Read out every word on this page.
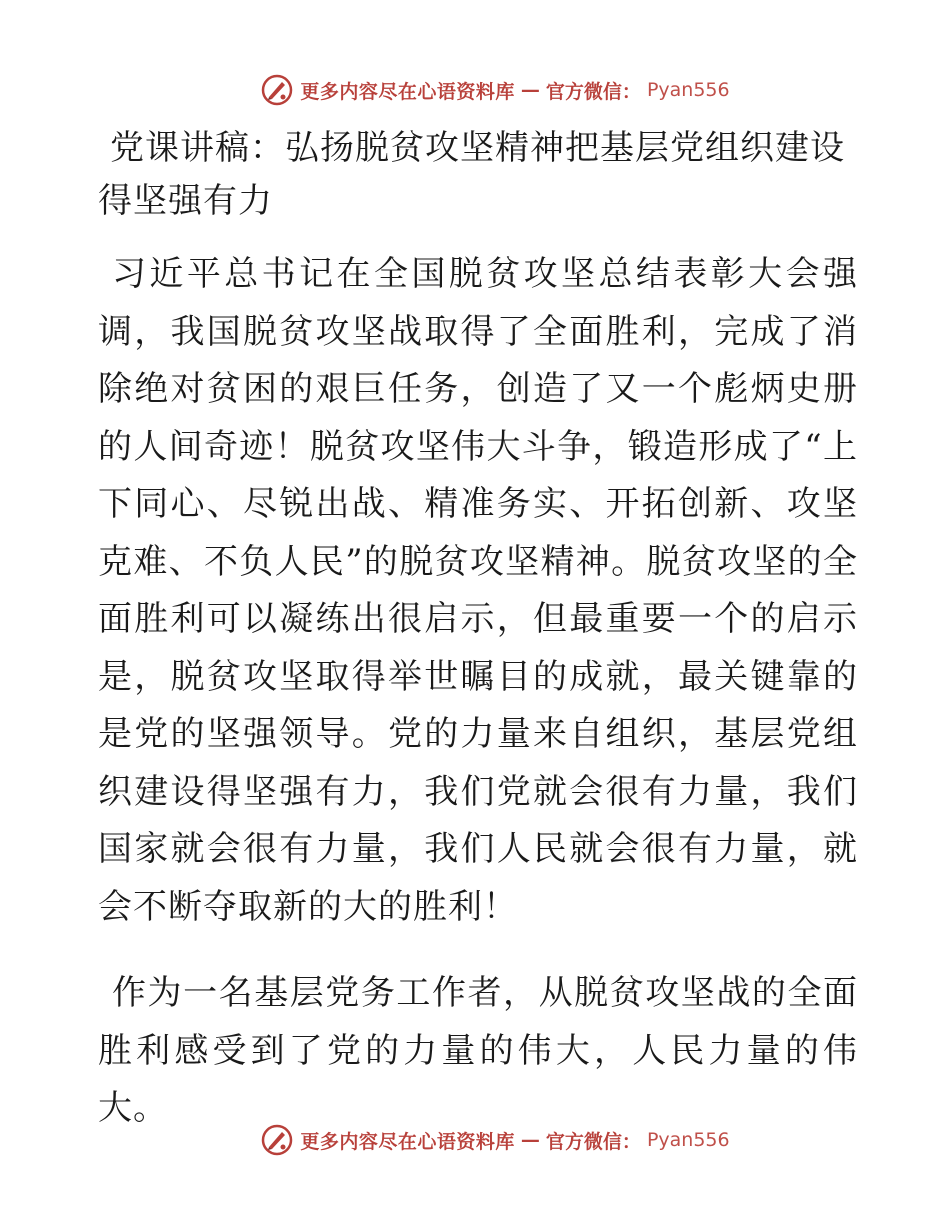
更多内容尽在心语资料库 — 官方微信： Pyan556
党课讲稿：弘扬脱贫攻坚精神把基层党组织建设得坚强有力

习近平总书记在全国脱贫攻坚总结表彰大会强调，我国脱贫攻坚战取得了全面胜利，完成了消除绝对贫困的艰巨任务，创造了又一个彪炳史册的人间奇迹！脱贫攻坚伟大斗争，锻造形成了“上下同心、尽锐出战、精准务实、开拓创新、攻坚克难、不负人民”的脱贫攻坚精神。脱贫攻坚的全面胜利可以凝练出很启示，但最重要一个的启示是，脱贫攻坚取得举世瞩目的成就，最关键靠的是党的坚强领导。党的力量来自组织，基层党组织建设得坚强有力，我们党就会很有力量，我们国家就会很有力量，我们人民就会很有力量，就会不断夺取新的大的胜利！

作为一名基层党务工作者，从脱贫攻坚战的全面胜利感受到了党的力量的伟大，人民力量的伟大。

更多内容尽在心语资料库 — 官方微信： Pyan556
